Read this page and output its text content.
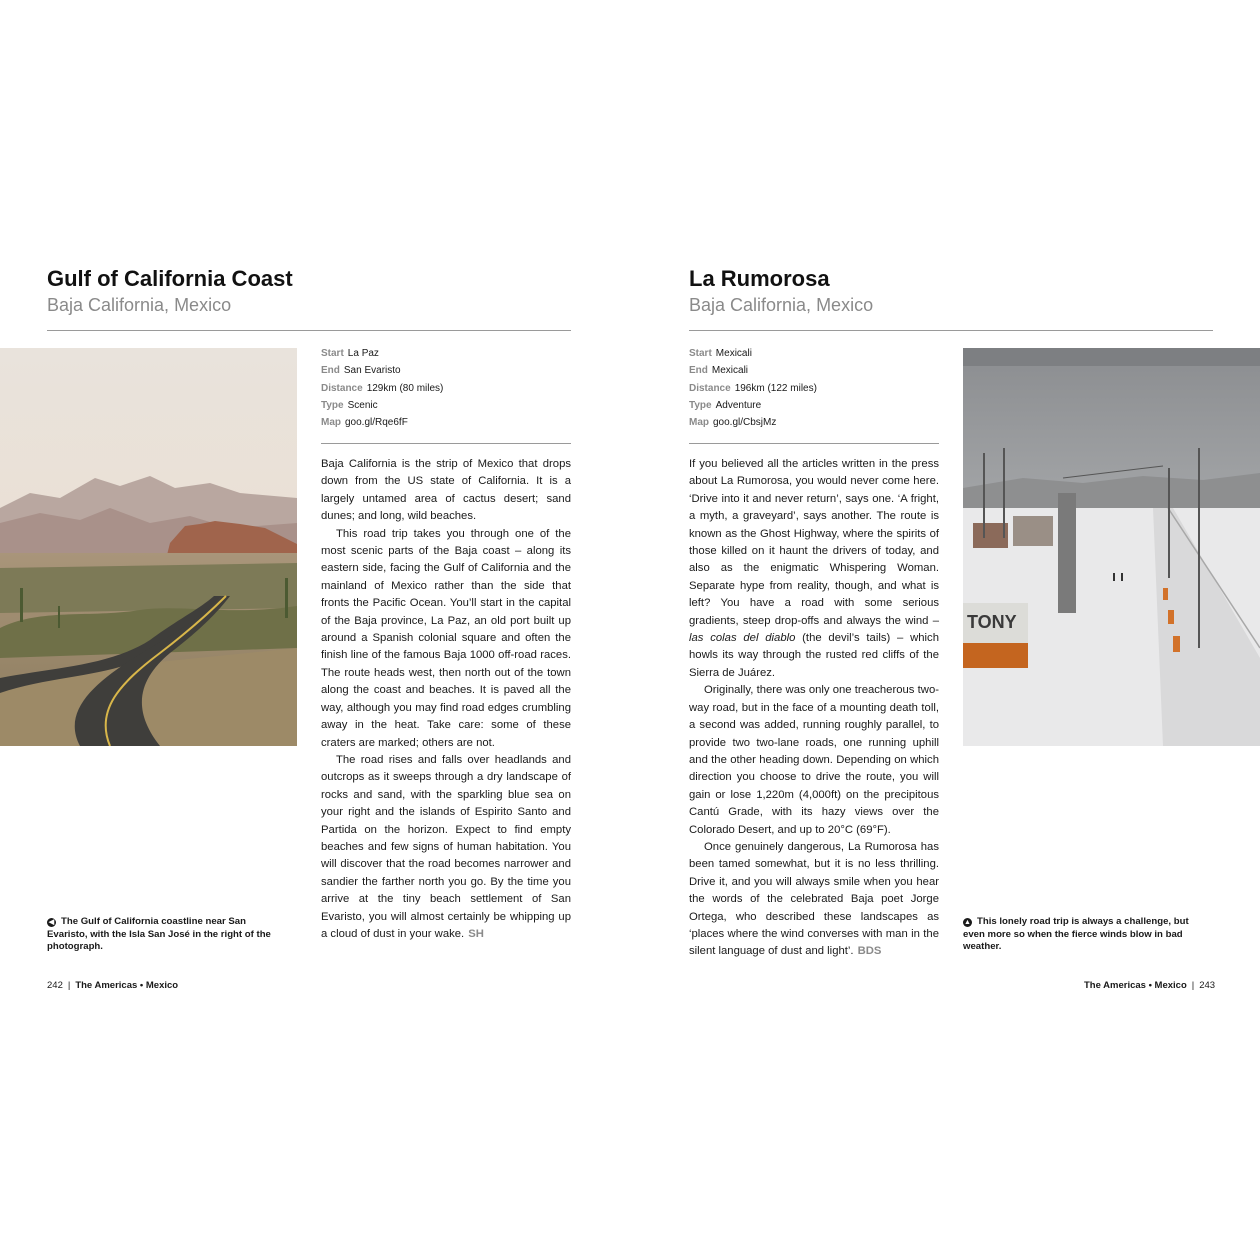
Gulf of California Coast
Baja California, Mexico
Start La Paz
End San Evaristo
Distance 129km (80 miles)
Type Scenic
Map goo.gl/Rqe6fF

Baja California is the strip of Mexico that drops down from the US state of California. It is a largely untamed area of cactus desert; sand dunes; and long, wild beaches.

This road trip takes you through one of the most scenic parts of the Baja coast – along its eastern side, facing the Gulf of California and the mainland of Mexico rather than the side that fronts the Pacific Ocean. You’ll start in the capital of the Baja province, La Paz, an old port built up around a Spanish colonial square and often the finish line of the famous Baja 1000 off-road races. The route heads west, then north out of the town along the coast and beaches. It is paved all the way, although you may find road edges crumbling away in the heat. Take care: some of these craters are marked; others are not.

The road rises and falls over headlands and outcrops as it sweeps through a dry landscape of rocks and sand, with the sparkling blue sea on your right and the islands of Espirito Santo and Partida on the horizon. Expect to find empty beaches and few signs of human habitation. You will discover that the road becomes narrower and sandier the farther north you go. By the time you arrive at the tiny beach settlement of San Evaristo, you will almost certainly be whipping up a cloud of dust in your wake. SH

◀ The Gulf of California coastline near San Evaristo, with the Isla San José in the right of the photograph.
242 | The Americas • Mexico
La Rumorosa
Baja California, Mexico
Start Mexicali
End Mexicali
Distance 196km (122 miles)
Type Adventure
Map goo.gl/CbsjMz

If you believed all the articles written in the press about La Rumorosa, you would never come here. ‘Drive into it and never return’, says one. ‘A fright, a myth, a graveyard’, says another. The route is known as the Ghost Highway, where the spirits of those killed on it haunt the drivers of today, and also as the enigmatic Whispering Woman. Separate hype from reality, though, and what is left? You have a road with some serious gradients, steep drop-offs and always the wind – las colas del diablo (the devil’s tails) – which howls its way through the rusted red cliffs of the Sierra de Juárez.

Originally, there was only one treacherous two-way road, but in the face of a mounting death toll, a second was added, running roughly parallel, to provide two two-lane roads, one running uphill and the other heading down. Depending on which direction you choose to drive the route, you will gain or lose 1,220m (4,000ft) on the precipitous Cantú Grade, with its hazy views over the Colorado Desert, and up to 20°C (69°F).

Once genuinely dangerous, La Rumorosa has been tamed somewhat, but it is no less thrilling. Drive it, and you will always smile when you hear the words of the celebrated Baja poet Jorge Ortega, who described these landscapes as ‘places where the wind converses with man in the silent language of dust and light’. BDS

TONY
▲ This lonely road trip is always a challenge, but even more so when the fierce winds blow in bad weather.
The Americas • Mexico | 243
